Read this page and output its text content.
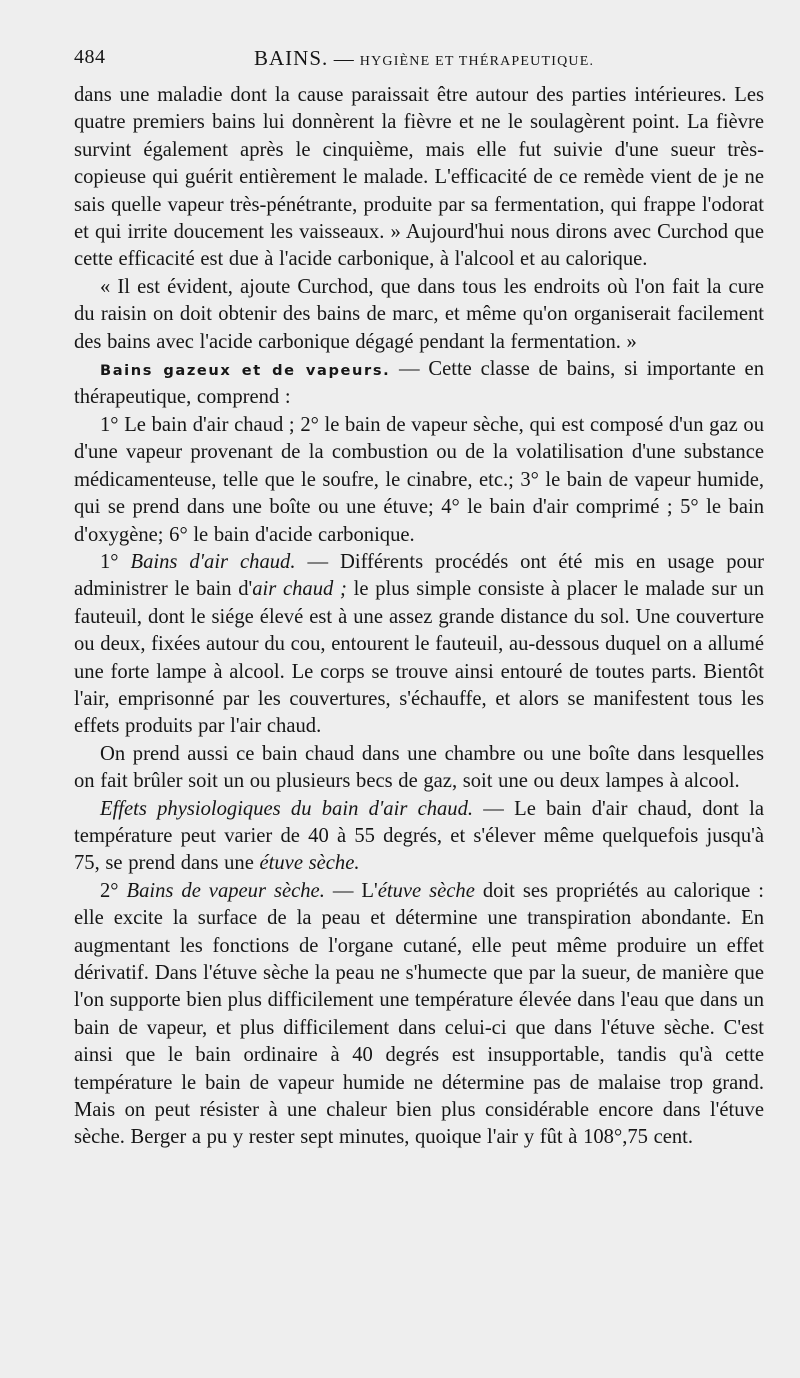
484	BAINS. — HYGIÈNE ET THÉRAPEUTIQUE.

dans une maladie dont la cause paraissait être autour des parties intérieures. Les quatre premiers bains lui donnèrent la fièvre et ne le soulagèrent point. La fièvre survint également après le cinquième, mais elle fut suivie d'une sueur très-copieuse qui guérit entièrement le malade. L'efficacité de ce remède vient de je ne sais quelle vapeur très-pénétrante, produite par sa fermentation, qui frappe l'odorat et qui irrite doucement les vaisseaux. » Aujourd'hui nous dirons avec Curchod que cette efficacité est due à l'acide carbonique, à l'alcool et au calorique.

« Il est évident, ajoute Curchod, que dans tous les endroits où l'on fait la cure du raisin on doit obtenir des bains de marc, et même qu'on organiserait facilement des bains avec l'acide carbonique dégagé pendant la fermentation. »

Bains gazeux et de vapeurs. — Cette classe de bains, si importante en thérapeutique, comprend :

1° Le bain d'air chaud ; 2° le bain de vapeur sèche, qui est composé d'un gaz ou d'une vapeur provenant de la combustion ou de la volatilisation d'une substance médicamenteuse, telle que le soufre, le cinabre, etc.; 3° le bain de vapeur humide, qui se prend dans une boîte ou une étuve; 4° le bain d'air comprimé ; 5° le bain d'oxygène; 6° le bain d'acide carbonique.

1° Bains d'air chaud. — Différents procédés ont été mis en usage pour administrer le bain d'air chaud ; le plus simple consiste à placer le malade sur un fauteuil, dont le siége élevé est à une assez grande distance du sol. Une couverture ou deux, fixées autour du cou, entourent le fauteuil, au-dessous duquel on a allumé une forte lampe à alcool. Le corps se trouve ainsi entouré de toutes parts. Bientôt l'air, emprisonné par les couvertures, s'échauffe, et alors se manifestent tous les effets produits par l'air chaud.

On prend aussi ce bain chaud dans une chambre ou une boîte dans lesquelles on fait brûler soit un ou plusieurs becs de gaz, soit une ou deux lampes à alcool.

Effets physiologiques du bain d'air chaud. — Le bain d'air chaud, dont la température peut varier de 40 à 55 degrés, et s'élever même quelquefois jusqu'à 75, se prend dans une étuve sèche.

2° Bains de vapeur sèche. — L'étuve sèche doit ses propriétés au calorique : elle excite la surface de la peau et détermine une transpiration abondante. En augmentant les fonctions de l'organe cutané, elle peut même produire un effet dérivatif. Dans l'étuve sèche la peau ne s'humecte que par la sueur, de manière que l'on supporte bien plus difficilement une température élevée dans l'eau que dans un bain de vapeur, et plus difficilement dans celui-ci que dans l'étuve sèche. C'est ainsi que le bain ordinaire à 40 degrés est insupportable, tandis qu'à cette température le bain de vapeur humide ne détermine pas de malaise trop grand. Mais on peut résister à une chaleur bien plus considérable encore dans l'étuve sèche. Berger a pu y rester sept minutes, quoique l'air y fût à 108°,75 cent.
